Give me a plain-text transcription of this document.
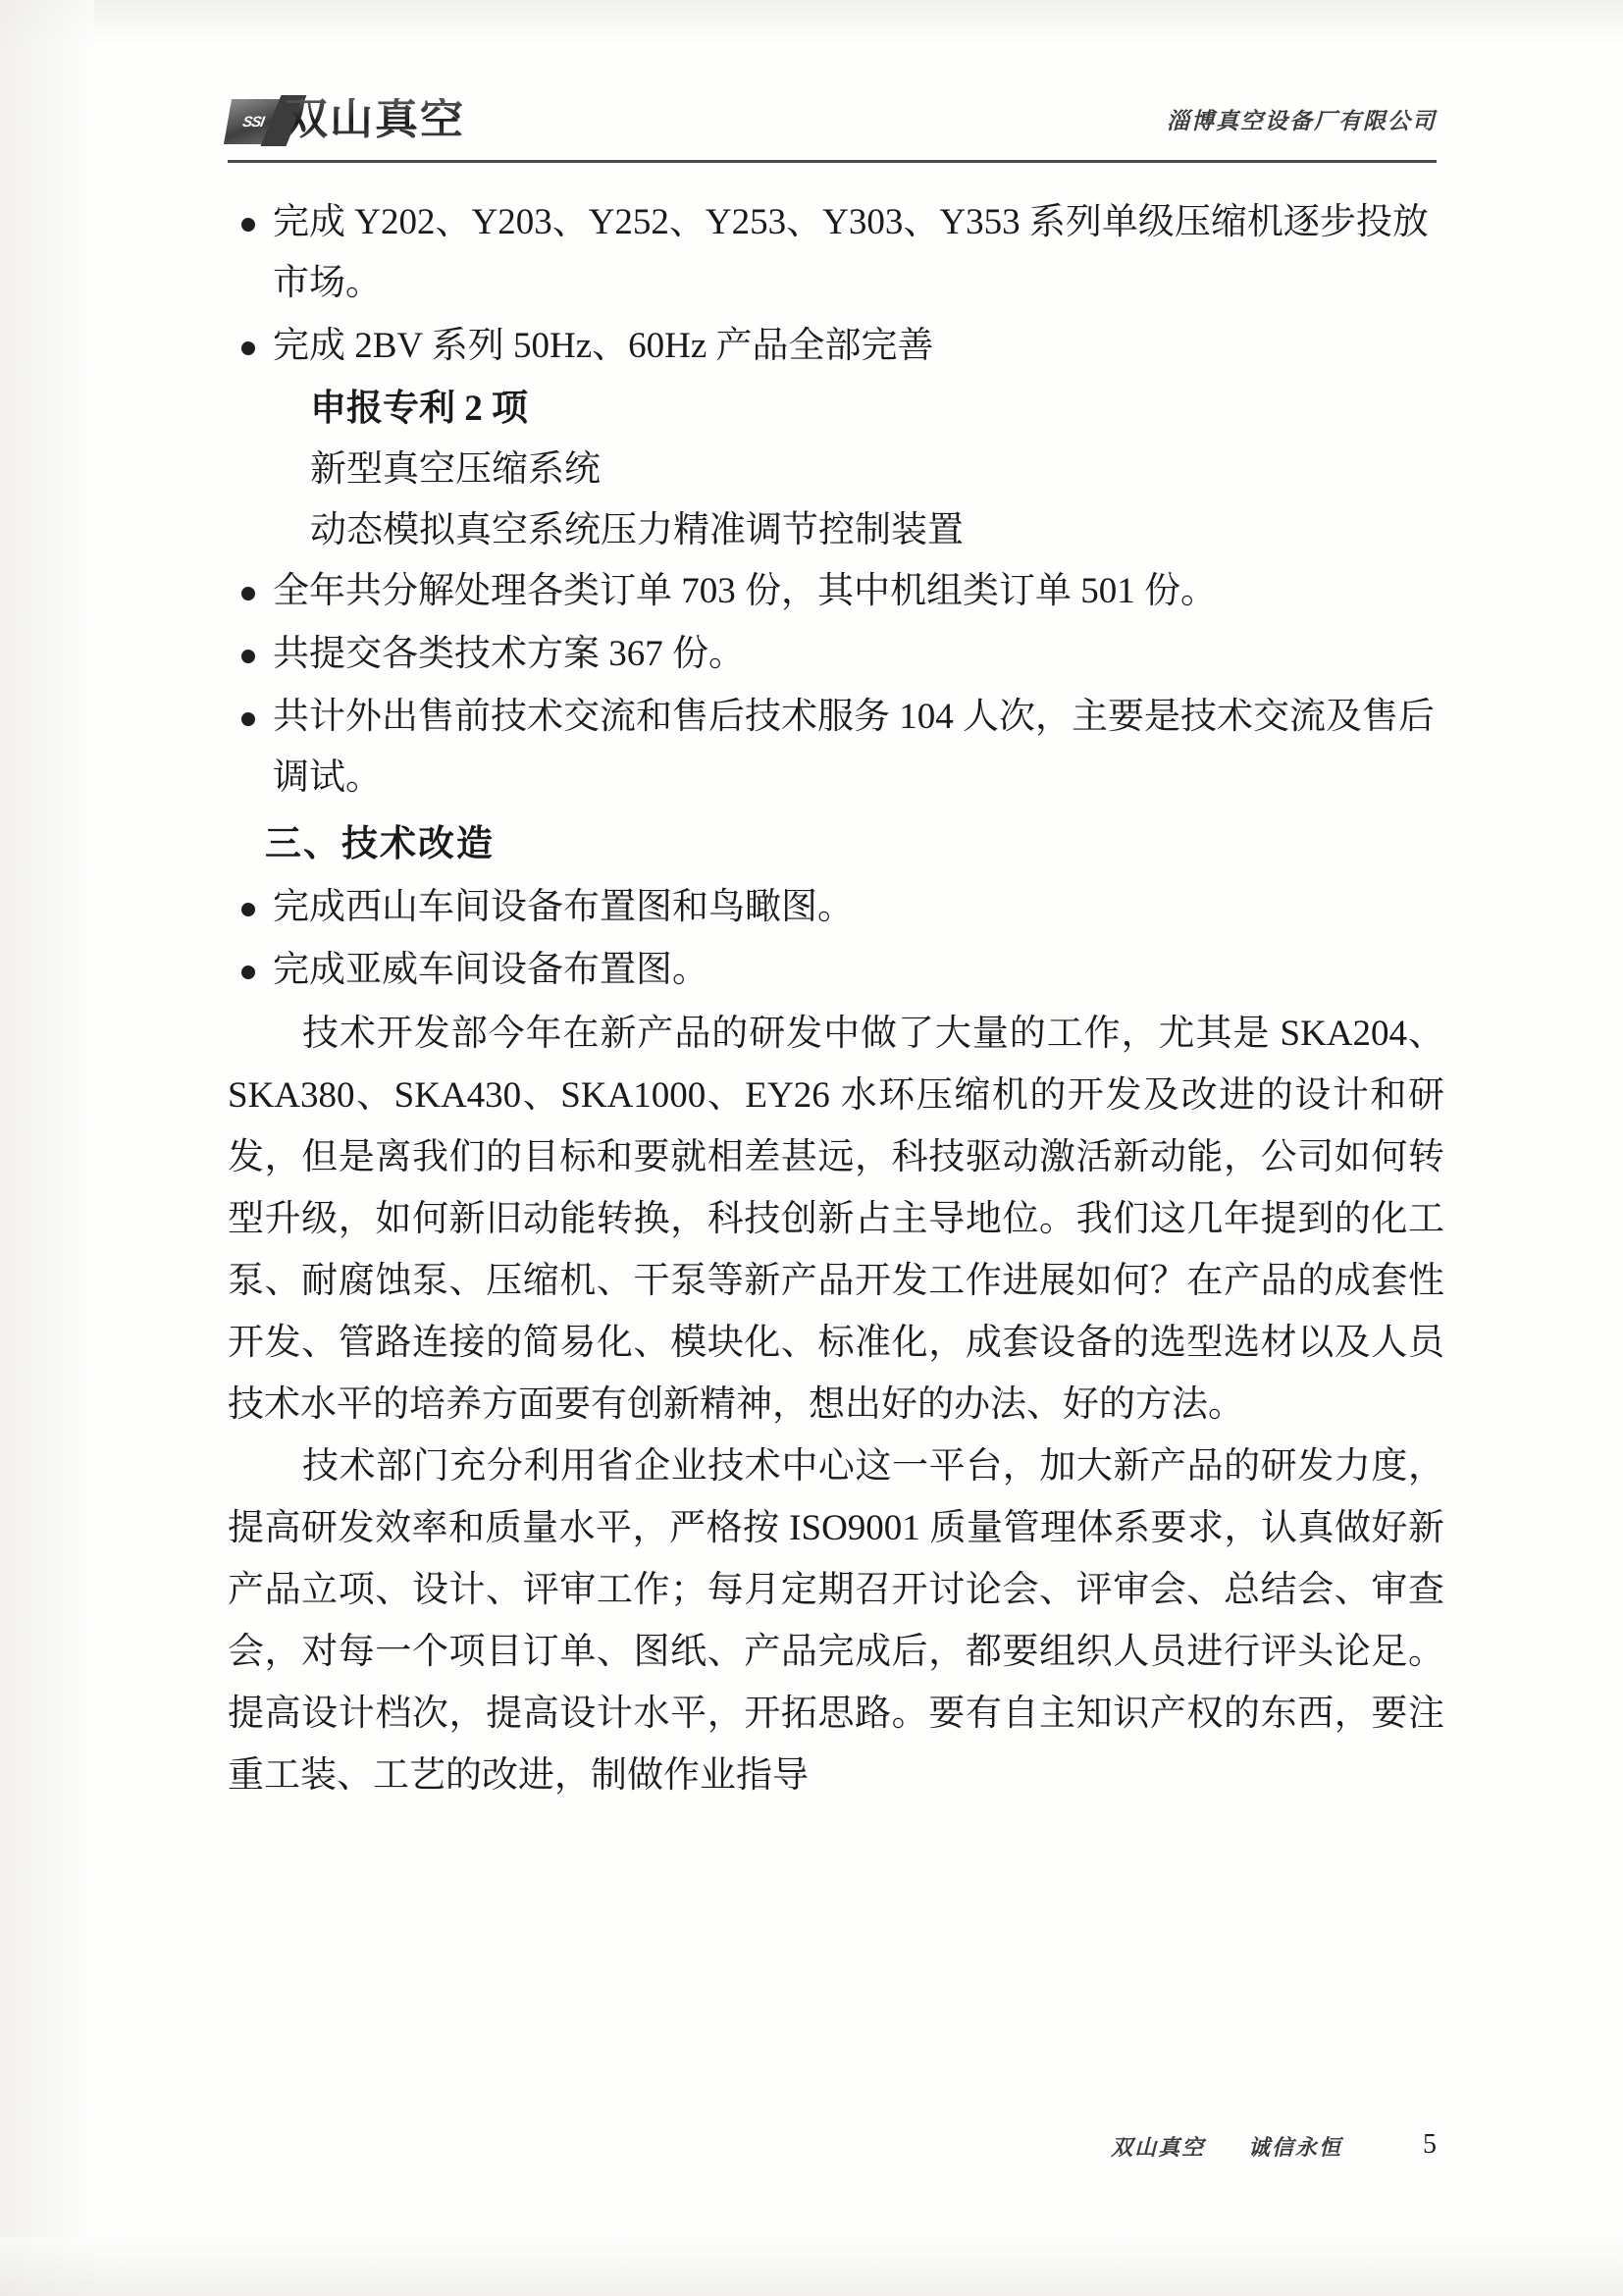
SSI 双山真空	淄博真空设备厂有限公司
完成 Y202、Y203、Y252、Y253、Y303、Y353 系列单级压缩机逐步投放市场。
完成 2BV 系列 50Hz、60Hz 产品全部完善

申报专利 2 项

新型真空压缩系统

动态模拟真空系统压力精准调节控制装置

全年共分解处理各类订单 703 份，其中机组类订单 501 份。
共提交各类技术方案 367 份。
共计外出售前技术交流和售后技术服务 104 人次，主要是技术交流及售后调试。

三、技术改造

完成西山车间设备布置图和鸟瞰图。
完成亚威车间设备布置图。

技术开发部今年在新产品的研发中做了大量的工作，尤其是 SKA204、SKA380、SKA430、SKA1000、EY26 水环压缩机的开发及改进的设计和研发，但是离我们的目标和要就相差甚远，科技驱动激活新动能，公司如何转型升级，如何新旧动能转换，科技创新占主导地位。我们这几年提到的化工泵、耐腐蚀泵、压缩机、干泵等新产品开发工作进展如何？在产品的成套性开发、管路连接的简易化、模块化、标准化，成套设备的选型选材以及人员技术水平的培养方面要有创新精神，想出好的办法、好的方法。

技术部门充分利用省企业技术中心这一平台，加大新产品的研发力度，提高研发效率和质量水平，严格按 ISO9001 质量管理体系要求，认真做好新产品立项、设计、评审工作；每月定期召开讨论会、评审会、总结会、审查会，对每一个项目订单、图纸、产品完成后，都要组织人员进行评头论足。提高设计档次，提高设计水平，开拓思路。要有自主知识产权的东西，要注重工装、工艺的改进，制做作业指导

双山真空 诚信永恒	5
